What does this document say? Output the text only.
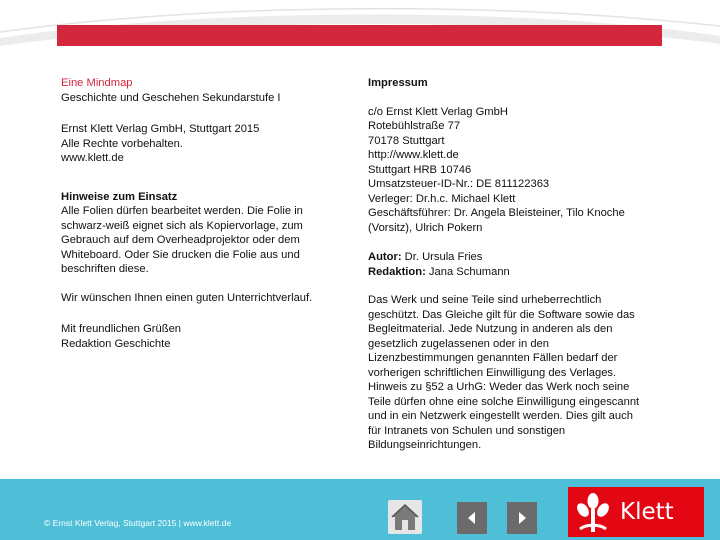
Eine Mindmap

Geschichte und Geschehen Sekundarstufe I

Ernst Klett Verlag GmbH, Stuttgart 2015
Alle Rechte vorbehalten.
www.klett.de

Hinweise zum Einsatz

Alle Folien dürfen bearbeitet werden. Die Folie in
schwarz-weiß eignet sich als Kopiervorlage, zum
Gebrauch auf dem Overheadprojektor oder dem
Whiteboard. Oder Sie drucken die Folie aus und
beschriften diese.

Wir wünschen Ihnen einen guten Unterrichtverlauf.

Mit freundlichen Grüßen
Redaktion Geschichte

Impressum

c/o Ernst Klett Verlag GmbH
Rotebühlstraße 77
70178 Stuttgart
http://www.klett.de
Stuttgart HRB 10746
Umsatzsteuer-ID-Nr.: DE 811122363
Verleger: Dr.h.c. Michael Klett
Geschäftsführer: Dr. Angela Bleisteiner, Tilo Knoche
(Vorsitz), Ulrich Pokern

Autor: Dr. Ursula Fries
Redaktion: Jana Schumann

Das Werk und seine Teile sind urheberrechtlich
geschützt. Das Gleiche gilt für die Software sowie das
Begleitmaterial. Jede Nutzung in anderen als den
gesetzlich zugelassenen oder in den
Lizenzbestimmungen genannten Fällen bedarf der
vorherigen schriftlichen Einwilligung des Verlages.
Hinweis zu §52 a UrhG: Weder das Werk noch seine
Teile dürfen ohne eine solche Einwilligung eingescannt
und in ein Netzwerk eingestellt werden. Dies gilt auch
für Intranets von Schulen und sonstigen
Bildungseinrichtungen.

© Ernst Klett Verlag, Stuttgart 2015 | www.klett.de	Klett
